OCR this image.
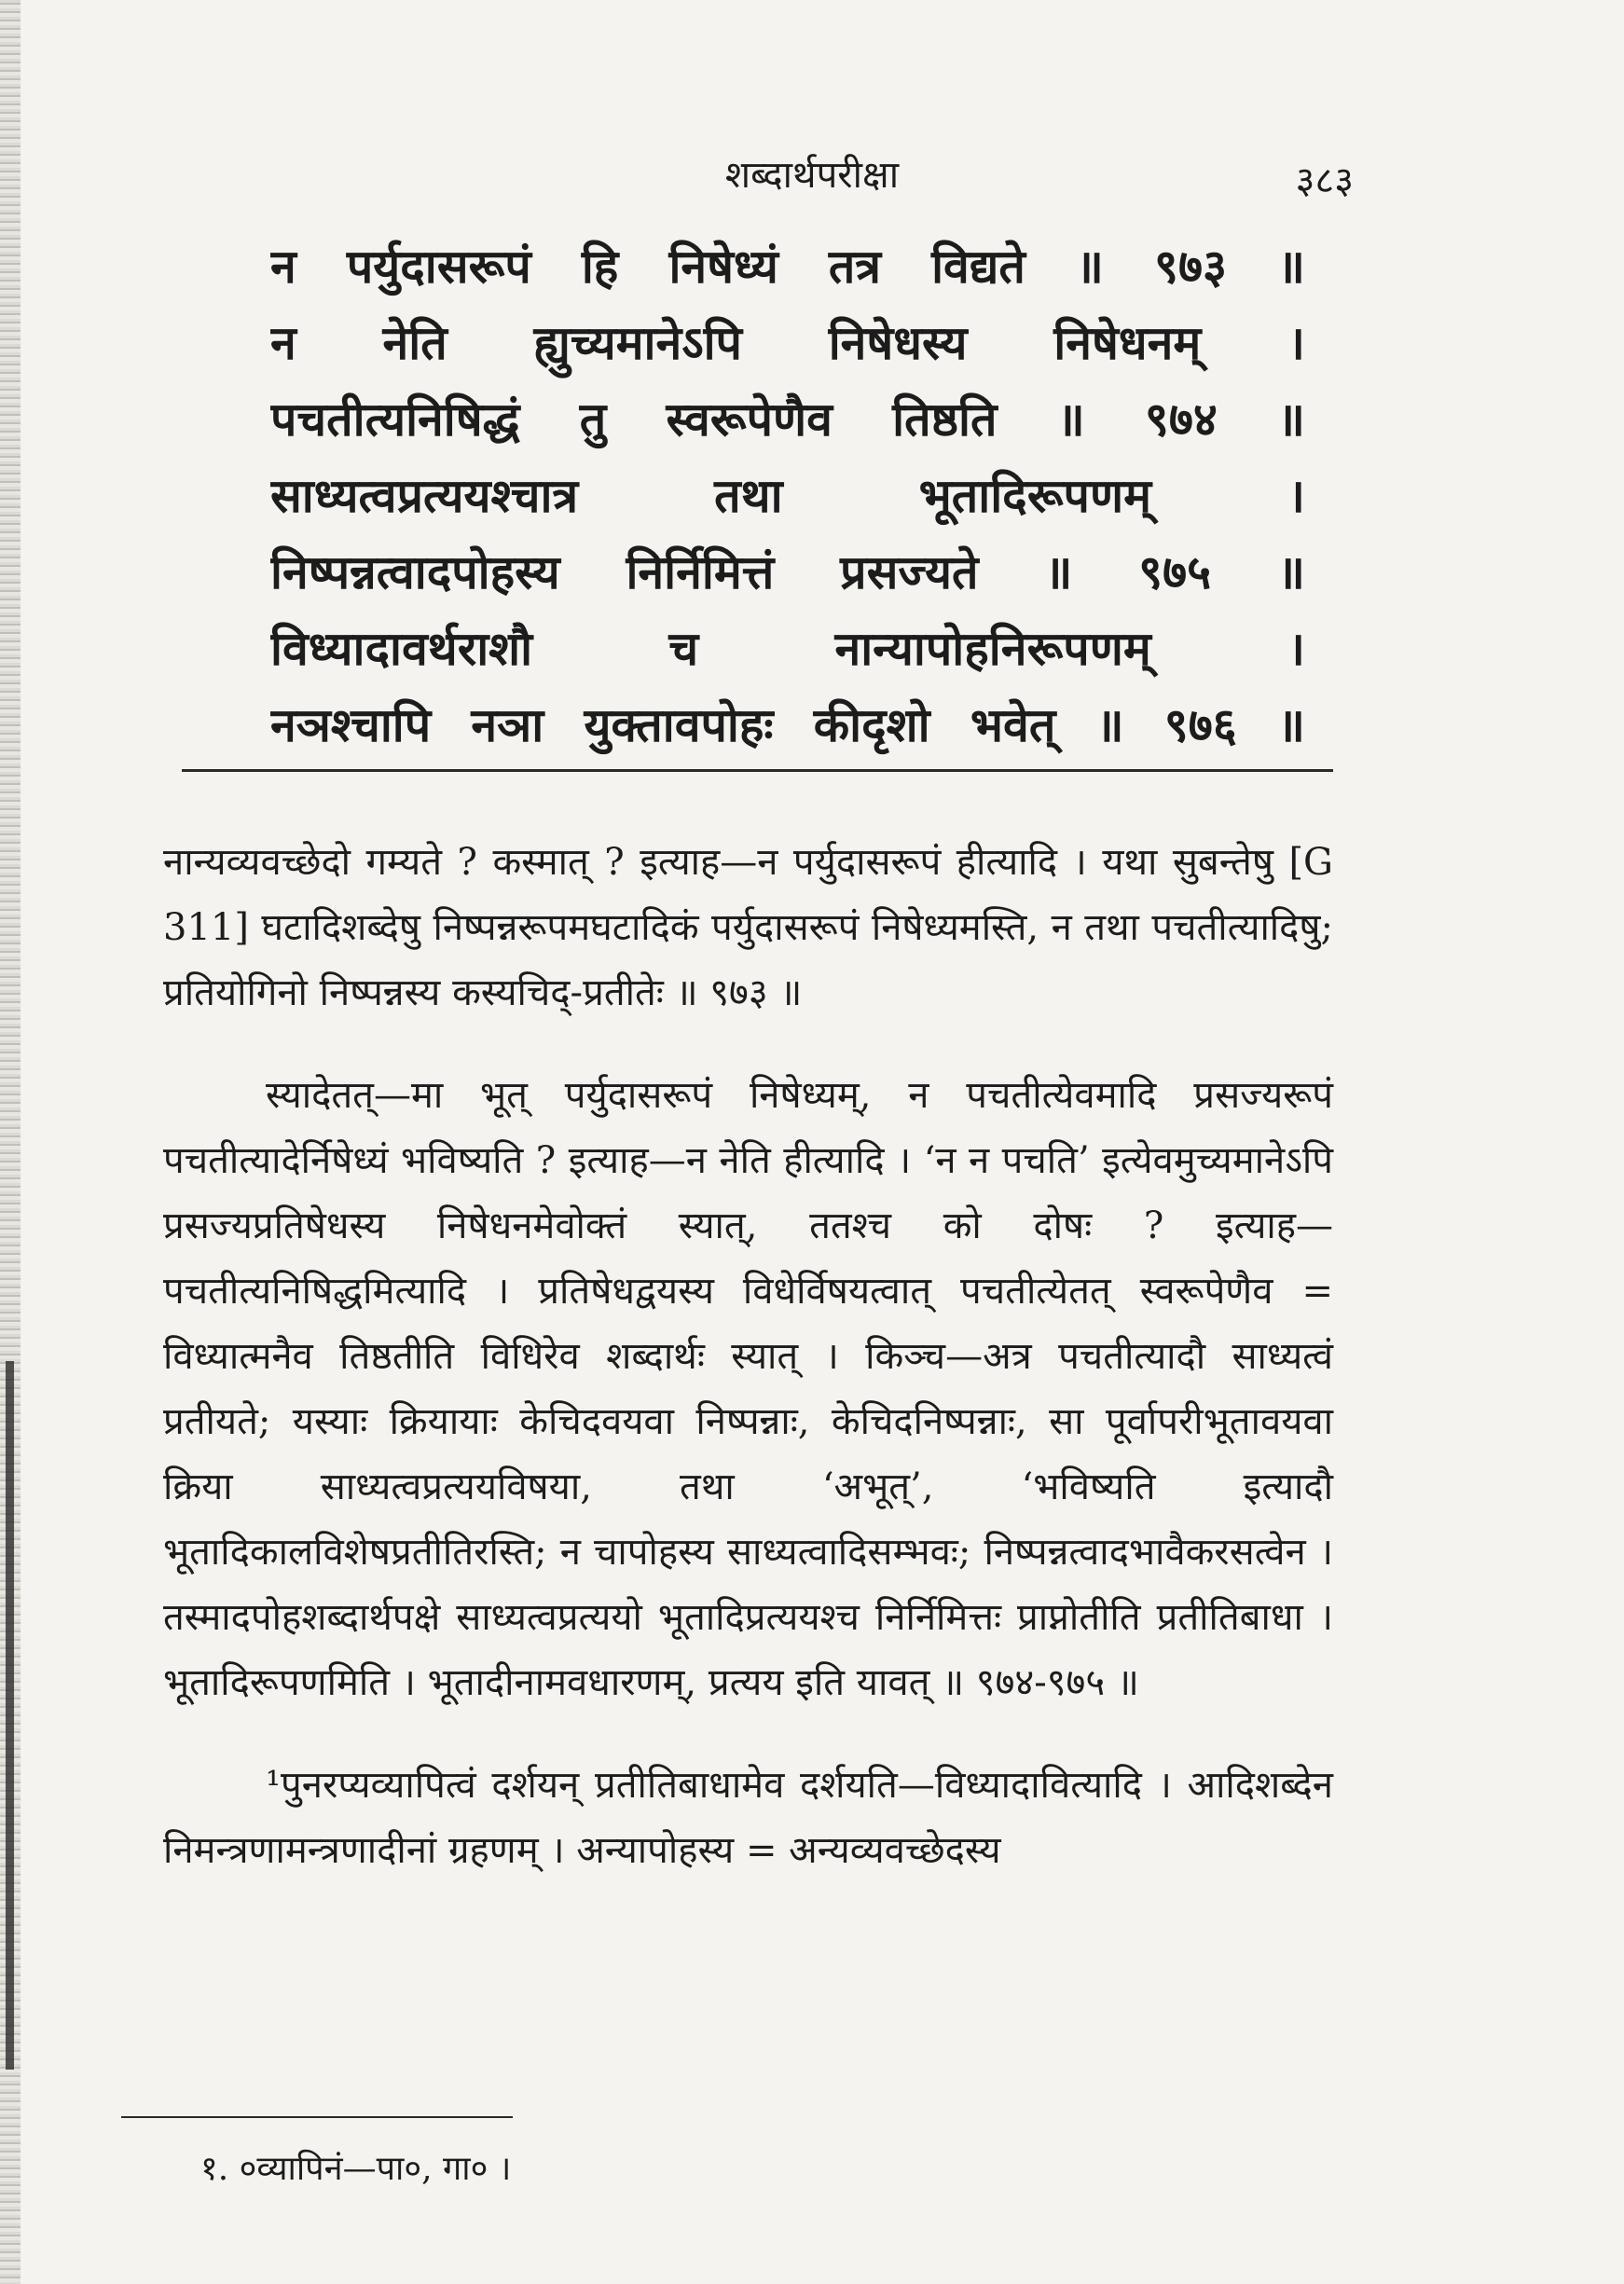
शब्दार्थपरीक्षा	३८३
न पर्युदासरूपं हि निषेध्यं तत्र विद्यते ॥ ९७३ ॥
न नेति ह्युच्यमानेऽपि निषेधस्य निषेधनम् ।
पचतीत्यनिषिद्धं तु स्वरूपेणैव तिष्ठति ॥ ९७४ ॥
साध्यत्वप्रत्ययश्चात्र तथा भूतादिरूपणम् ।
निष्पन्नत्वादपोहस्य निर्निमित्तं प्रसज्यते ॥ ९७५ ॥
विध्यादावर्थराशौ च नान्यापोहनिरूपणम् ।
नञश्चापि नञा युक्तावपोहः कीदृशो भवेत् ॥ ९७६ ॥

नान्यव्यवच्छेदो गम्यते ? कस्मात् ? इत्याह—न पर्युदासरूपं हीत्यादि । यथा सुबन्तेषु [G 311] घटादिशब्देषु निष्पन्नरूपमघटादिकं पर्युदासरूपं निषेध्यमस्ति, न तथा पचतीत्यादिषु; प्रतियोगिनो निष्पन्नस्य कस्यचिद्-प्रतीतेः ॥ ९७३ ॥

स्यादेतत्—मा भूत् पर्युदासरूपं निषेध्यम्, न पचतीत्येवमादि प्रसज्यरूपं पचतीत्यादेर्निषेध्यं भविष्यति ? इत्याह—न नेति हीत्यादि । ‘न न पचति’ इत्येवमुच्यमानेऽपि प्रसज्यप्रतिषेधस्य निषेधनमेवोक्तं स्यात्, ततश्च को दोषः ? इत्याह—पचतीत्यनिषिद्धमित्यादि । प्रतिषेधद्वयस्य विधेर्विषयत्वात् पचतीत्येतत् स्वरूपेणैव = विध्यात्मनैव तिष्ठतीति विधिरेव शब्दार्थः स्यात् । किञ्च—अत्र पचतीत्यादौ साध्यत्वं प्रतीयते; यस्याः क्रियायाः केचिदवयवा निष्पन्नाः, केचिदनिष्पन्नाः, सा पूर्वापरीभूतावयवा क्रिया साध्यत्वप्रत्ययविषया, तथा ‘अभूत्’, ‘भविष्यति इत्यादौ भूतादिकालविशेषप्रतीतिरस्ति; न चापोहस्य साध्यत्वादिसम्भवः; निष्पन्नत्वादभावैकरसत्वेन । तस्मादपोहशब्दार्थपक्षे साध्यत्वप्रत्ययो भूतादिप्रत्ययश्च निर्निमित्तः प्राप्नोतीति प्रतीतिबाधा । भूतादिरूपणमिति । भूतादीनामवधारणम्, प्रत्यय इति यावत् ॥ ९७४-९७५ ॥

¹पुनरप्यव्यापित्वं दर्शयन् प्रतीतिबाधामेव दर्शयति—विध्यादावित्यादि । आदिशब्देन निमन्त्रणामन्त्रणादीनां ग्रहणम् । अन्यापोहस्य = अन्यव्यवच्छेदस्य

१. ०व्यापिनं—पा०, गा० ।
